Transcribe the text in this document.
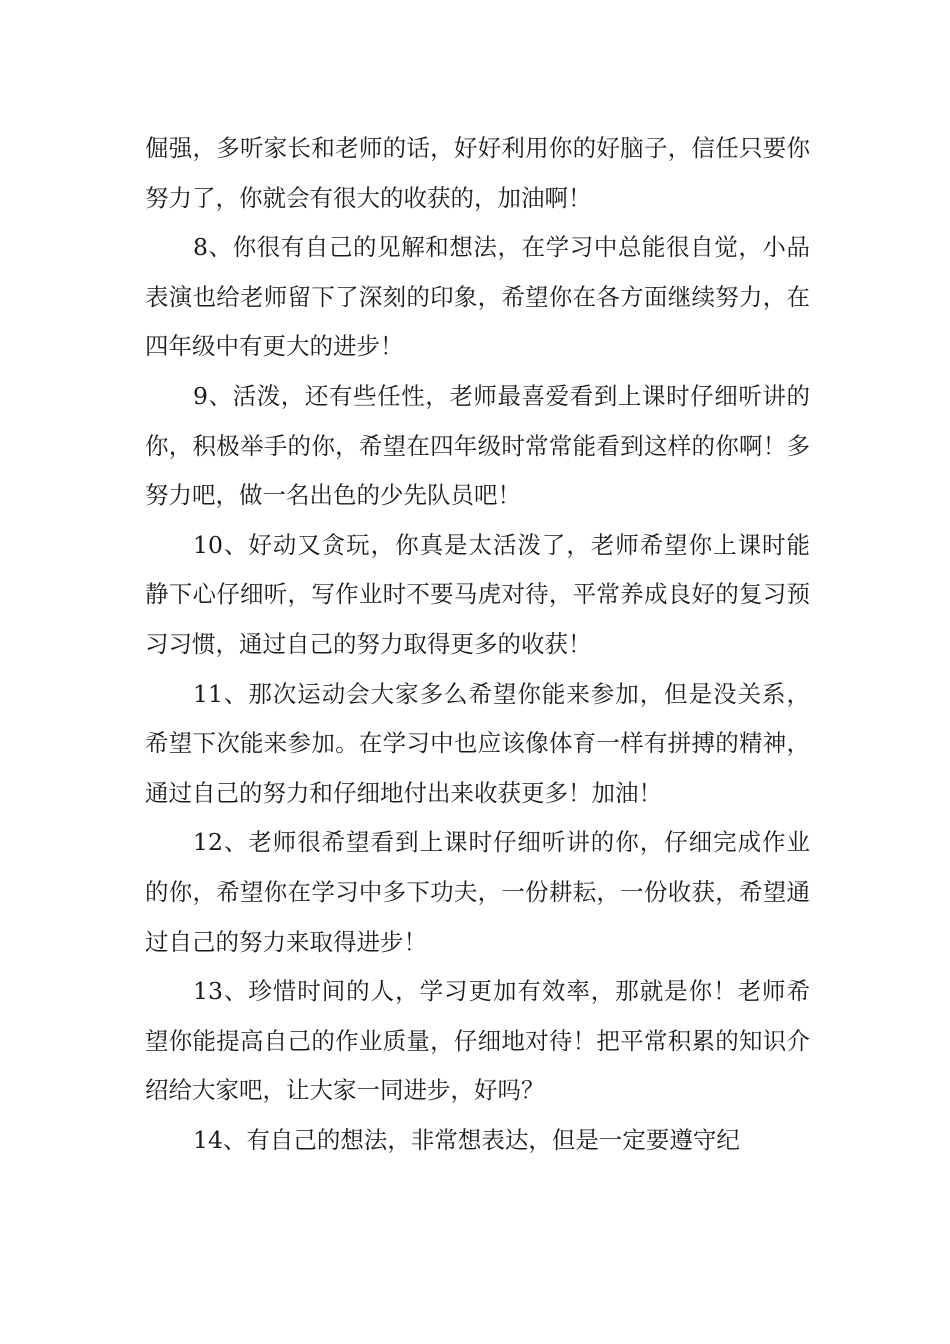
倔强，多听家长和老师的话，好好利用你的好脑子，信任只要你努力了，你就会有很大的收获的，加油啊！

8、你很有自己的见解和想法，在学习中总能很自觉，小品表演也给老师留下了深刻的印象，希望你在各方面继续努力，在四年级中有更大的进步！

9、活泼，还有些任性，老师最喜爱看到上课时仔细听讲的你，积极举手的你，希望在四年级时常常能看到这样的你啊！多努力吧，做一名出色的少先队员吧！

10、好动又贪玩，你真是太活泼了，老师希望你上课时能静下心仔细听，写作业时不要马虎对待，平常养成良好的复习预习习惯，通过自己的努力取得更多的收获！

11、那次运动会大家多么希望你能来参加，但是没关系，希望下次能来参加。在学习中也应该像体育一样有拼搏的精神，通过自己的努力和仔细地付出来收获更多！加油！

12、老师很希望看到上课时仔细听讲的你，仔细完成作业的你，希望你在学习中多下功夫，一份耕耘，一份收获，希望通过自己的努力来取得进步！

13、珍惜时间的人，学习更加有效率，那就是你！老师希望你能提高自己的作业质量，仔细地对待！把平常积累的知识介绍给大家吧，让大家一同进步，好吗？

14、有自己的想法，非常想表达，但是一定要遵守纪
